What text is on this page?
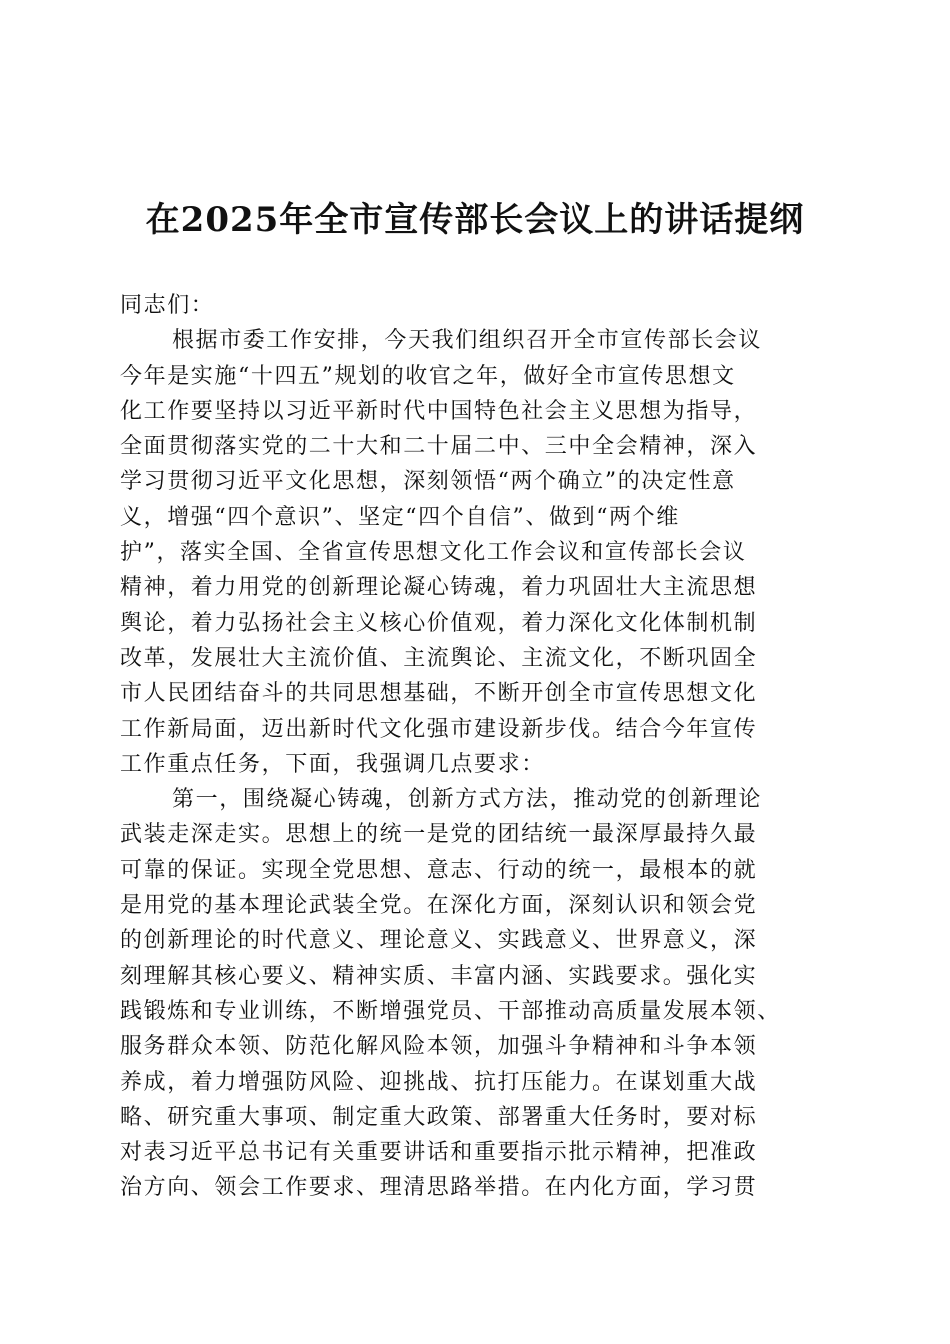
在2025年全市宣传部长会议上的讲话提纲
同志们：
根据市委工作安排，今天我们组织召开全市宣传部长会议
今年是实施“十四五”规划的收官之年，做好全市宣传思想文
化工作要坚持以习近平新时代中国特色社会主义思想为指导，
全面贯彻落实党的二十大和二十届二中、三中全会精神，深入
学习贯彻习近平文化思想，深刻领悟“两个确立”的决定性意
义，增强“四个意识”、坚定“四个自信”、做到“两个维
护”，落实全国、全省宣传思想文化工作会议和宣传部长会议
精神，着力用党的创新理论凝心铸魂，着力巩固壮大主流思想
舆论，着力弘扬社会主义核心价值观，着力深化文化体制机制
改革，发展壮大主流价值、主流舆论、主流文化，不断巩固全
市人民团结奋斗的共同思想基础，不断开创全市宣传思想文化
工作新局面，迈出新时代文化强市建设新步伐。结合今年宣传
工作重点任务，下面，我强调几点要求：
第一，围绕凝心铸魂，创新方式方法，推动党的创新理论
武装走深走实。思想上的统一是党的团结统一最深厚最持久最
可靠的保证。实现全党思想、意志、行动的统一，最根本的就
是用党的基本理论武装全党。在深化方面，深刻认识和领会党
的创新理论的时代意义、理论意义、实践意义、世界意义，深
刻理解其核心要义、精神实质、丰富内涵、实践要求。强化实
践锻炼和专业训练，不断增强党员、干部推动高质量发展本领、
服务群众本领、防范化解风险本领，加强斗争精神和斗争本领
养成，着力增强防风险、迎挑战、抗打压能力。在谋划重大战
略、研究重大事项、制定重大政策、部署重大任务时，要对标
对表习近平总书记有关重要讲话和重要指示批示精神，把准政
治方向、领会工作要求、理清思路举措。在内化方面，学习贯
